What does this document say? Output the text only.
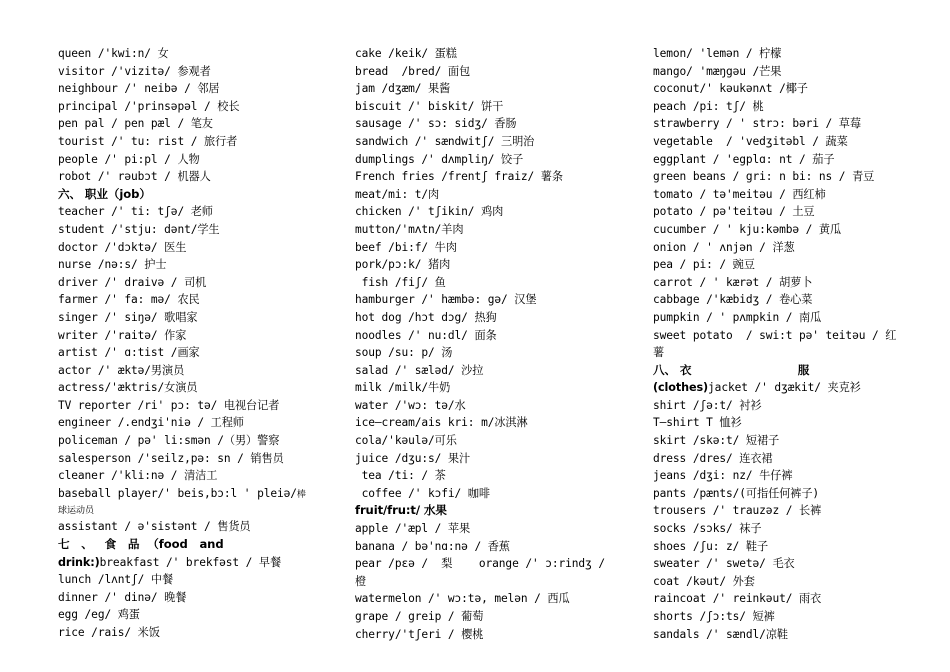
queen /'kwi:n/ 女
visitor /'vizitə/ 参观者
neighbour /' neibə / 邻居
principal /'prinsəpəl / 校长
pen pal / pen pæl / 笔友
tourist /' tu: rist / 旅行者
people /' pi:pl / 人物
robot /' rəubɔt / 机器人
六、 职业（job）
teacher /' ti: tʃə/ 老师
student /'stju: dənt/学生
doctor /'dɔktə/ 医生
nurse /nə:s/ 护士
driver /' draivə / 司机
farmer /' fa: mə/ 农民
singer /' siŋə/ 歌唱家
writer /'raitə/ 作家
artist /' ɑ:tist /画家
actor /' æktə/男演员
actress/'æktris/女演员
TV reporter /ri' pɔ: tə/ 电视台记者
engineer /.endʒi'niə / 工程师
policeman / pə' li:smən /（男）警察
salesperson /'seilz,pə: sn / 销售员
cleaner /'kli:nə / 清洁工
baseball player/' beis,bɔ:l ' pleiə/棒
球运动员
assistant / ə'sistənt / 售货员
七   、   食   品  （food   and
drink:)breakfast /' brekfəst / 早餐
lunch /lʌntʃ/ 中餐
dinner /' dinə/ 晚餐
egg /eg/ 鸡蛋
rice /rais/ 米饭
cake /keik/ 蛋糕
bread  /bred/ 面包
jam /dʒæm/ 果酱
biscuit /' biskit/ 饼干
sausage /' sɔ: sidʒ/ 香肠
sandwich /' sændwitʃ/ 三明治
dumplings /' dʌmpliŋ/ 饺子
French fries /frentʃ fraiz/ 薯条
meat/mi: t/肉
chicken /' tʃikin/ 鸡肉
mutton/'mʌtn/羊肉
beef /bi:f/ 牛肉
pork/pɔ:k/ 猪肉
fish /fiʃ/ 鱼
hamburger /' hæmbə: gə/ 汉堡
hot dog /hɔt dɔg/ 热狗
noodles /' nu:dl/ 面条
soup /su: p/ 汤
salad /' sæləd/ 沙拉
milk /milk/牛奶
water /'wɔ: tə/水
ice—cream/ais kri: m/冰淇淋
cola/'kəulə/可乐
juice /dʒu:s/ 果汁
tea /ti: / 茶
coffee /' kɔfi/ 咖啡
fruit/fru:t/ 水果
apple /'æpl / 苹果
banana / bə'nɑ:nə / 香蕉
pear /pεə /  梨    orange /' ɔ:rindʒ /
橙
watermelon /' wɔ:tə, melən / 西瓜
grape / greip / 葡萄
cherry/'tʃeri / 樱桃
lemon/ 'lemən / 柠檬
mango/ 'mæŋgəu /芒果
coconut/' kəukənʌt /椰子
peach /pi: tʃ/ 桃
strawberry / ' strɔ: bəri / 草莓
vegetable  / 'vedʒitəbl / 蔬菜
eggplant / 'egplɑ: nt / 茄子
green beans / gri: n bi: ns / 青豆
tomato / tə'meitəu / 西红柿
potato / pə'teitəu / 土豆
cucumber / ' kju:kəmbə / 黄瓜
onion / ' ʌnjən / 洋葱
pea / pi: / 豌豆
carrot / ' kærət / 胡萝卜
cabbage /'kæbidʒ / 卷心菜
pumpkin / ' pʌmpkin / 南瓜
sweet potato  / swi:t pə' teitəu / 红
薯
八、 衣                           服
(clothes)jacket /' dʒækit/ 夹克衫
shirt /ʃə:t/ 衬衫
T—shirt T 恤衫
skirt /skə:t/ 短裙子
dress /dres/ 连衣裙
jeans /dʒi: nz/ 牛仔裤
pants /pænts/(可指任何裤子)
trousers /' trauzəz / 长裤
socks /sɔks/ 袜子
shoes /ʃu: z/ 鞋子
sweater /' swetə/ 毛衣
coat /kəut/ 外套
raincoat /' reinkəut/ 雨衣
shorts /ʃɔ:ts/ 短裤
sandals /' sændl/凉鞋
